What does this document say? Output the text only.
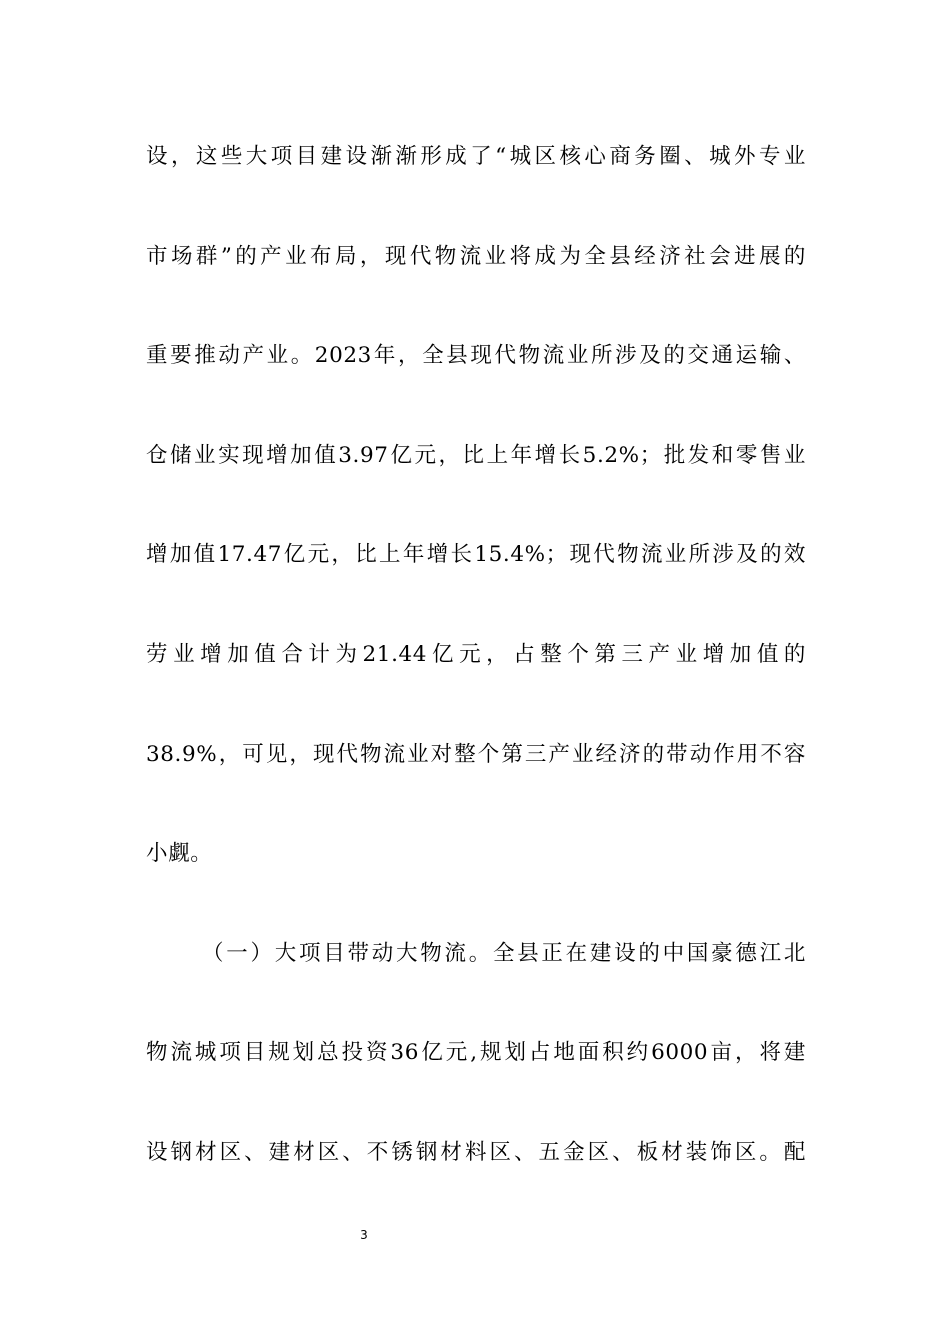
设，这些大项目建设渐渐形成了“城区核心商务圈、城外专业
市场群”的产业布局，现代物流业将成为全县经济社会进展的
重要推动产业。2023年，全县现代物流业所涉及的交通运输、
仓储业实现增加值3.97亿元，比上年增长5.2%；批发和零售业
增加值17.47亿元，比上年增长15.4%；现代物流业所涉及的效
劳业增加值合计为21.44亿元，占整个第三产业增加值的
38.9%，可见，现代物流业对整个第三产业经济的带动作用不容
小觑。
（一）大项目带动大物流。全县正在建设的中国豪德江北
物流城项目规划总投资36亿元,规划占地面积约6000亩，将建
设钢材区、建材区、不锈钢材料区、五金区、板材装饰区。配
3
